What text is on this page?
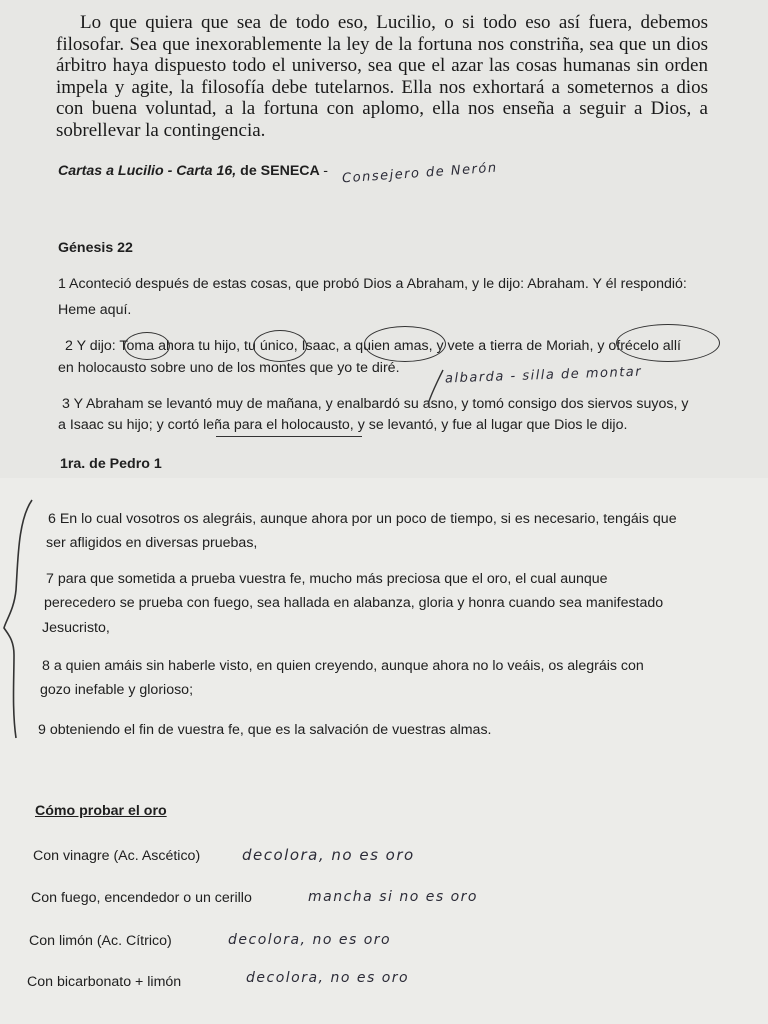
Lo que quiera que sea de todo eso, Lucilio, o si todo eso así fuera, debemos filosofar. Sea que inexorablemente la ley de la fortuna nos constriña, sea que un dios árbitro haya dispuesto todo el universo, sea que el azar las cosas humanas sin orden impela y agite, la filosofía debe tutelarnos. Ella nos exhortará a someternos a dios con buena voluntad, a la fortuna con aplomo, ella nos enseña a seguir a Dios, a sobrellevar la contingencia.
Cartas a Lucilio - Carta 16, de SENECA - Consejero de Nerón
Génesis 22
1 Aconteció después de estas cosas, que probó Dios a Abraham, y le dijo: Abraham. Y él respondió:
Heme aquí.
2 Y dijo: Toma ahora tu hijo, tu único, Isaac, a quien amas, y vete a tierra de Moriah, y ofrécelo allí
en holocausto sobre uno de los montes que yo te diré.	albarda - silla de montar
3 Y Abraham se levantó muy de mañana, y enalbardó su asno, y tomó consigo dos siervos suyos, y
a Isaac su hijo; y cortó leña para el holocausto, y se levantó, y fue al lugar que Dios le dijo.
1ra. de Pedro 1
6 En lo cual vosotros os alegráis, aunque ahora por un poco de tiempo, si es necesario, tengáis que
ser afligidos en diversas pruebas,
7 para que sometida a prueba vuestra fe, mucho más preciosa que el oro, el cual aunque
perecedero se prueba con fuego, sea hallada en alabanza, gloria y honra cuando sea manifestado
Jesucristo,
8 a quien amáis sin haberle visto, en quien creyendo, aunque ahora no lo veáis, os alegráis con
gozo inefable y glorioso;
9 obteniendo el fin de vuestra fe, que es la salvación de vuestras almas.
Cómo probar el oro
Con vinagre (Ac. Ascético)	decolora, no es oro
Con fuego, encendedor o un cerillo	mancha si no es oro
Con limón (Ac. Cítrico)	decolora, no es oro
Con bicarbonato + limón	decolora, no es oro
